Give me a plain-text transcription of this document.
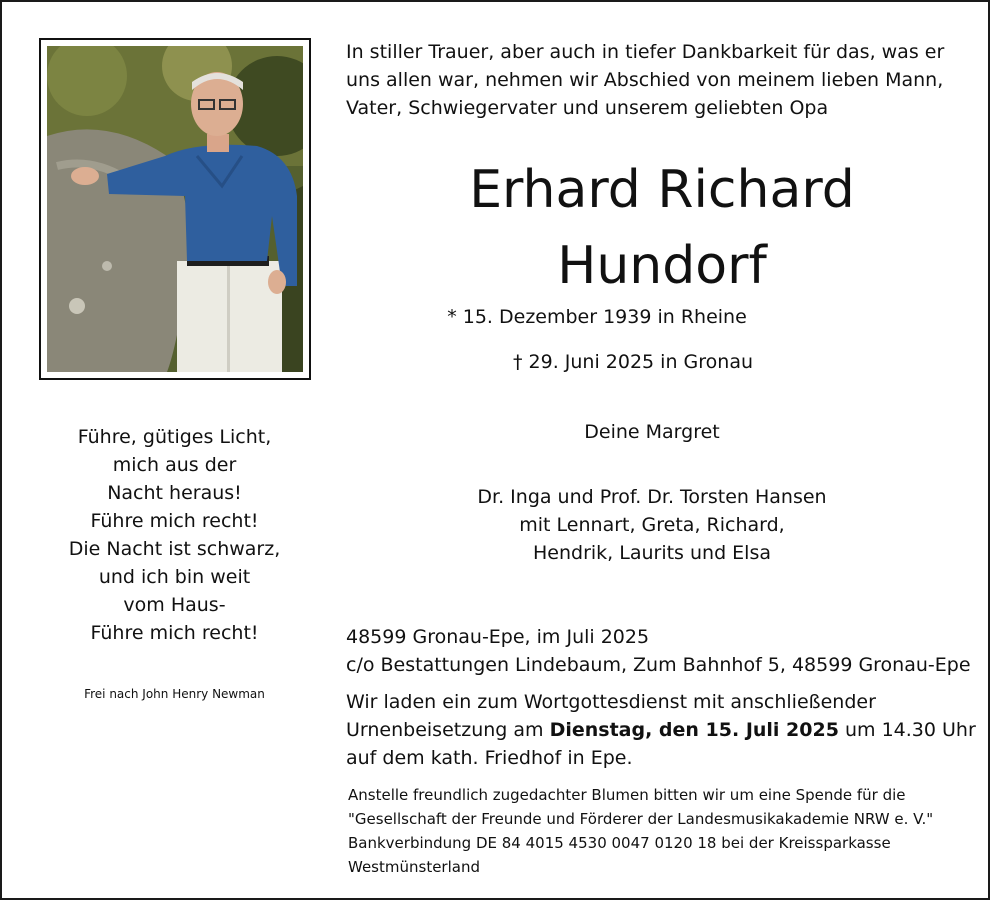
In stiller Trauer, aber auch in tiefer Dankbarkeit für das, was er
uns allen war, nehmen wir Abschied von meinem lieben Mann,
Vater, Schwiegervater und unserem geliebten Opa
Erhard Richard
Hundorf
* 15. Dezember 1939 in Rheine
† 29. Juni 2025 in Gronau
Deine Margret
Dr. Inga und Prof. Dr. Torsten Hansen
mit Lennart, Greta, Richard,
Hendrik, Laurits und Elsa
Führe, gütiges Licht,
mich aus der
Nacht heraus!
Führe mich recht!
Die Nacht ist schwarz,
und ich bin weit
vom Haus-
Führe mich recht!
Frei nach John Henry Newman
48599 Gronau-Epe, im Juli 2025
c/o Bestattungen Lindebaum, Zum Bahnhof 5, 48599 Gronau-Epe
Wir laden ein zum Wortgottesdienst mit anschließender
Urnenbeisetzung am Dienstag, den 15. Juli 2025 um 14.30 Uhr
auf dem kath. Friedhof in Epe.
Anstelle freundlich zugedachter Blumen bitten wir um eine Spende für die
"Gesellschaft der Freunde und Förderer der Landesmusikakademie NRW e. V."
Bankverbindung DE 84 4015 4530 0047 0120 18 bei der Kreissparkasse
Westmünsterland
